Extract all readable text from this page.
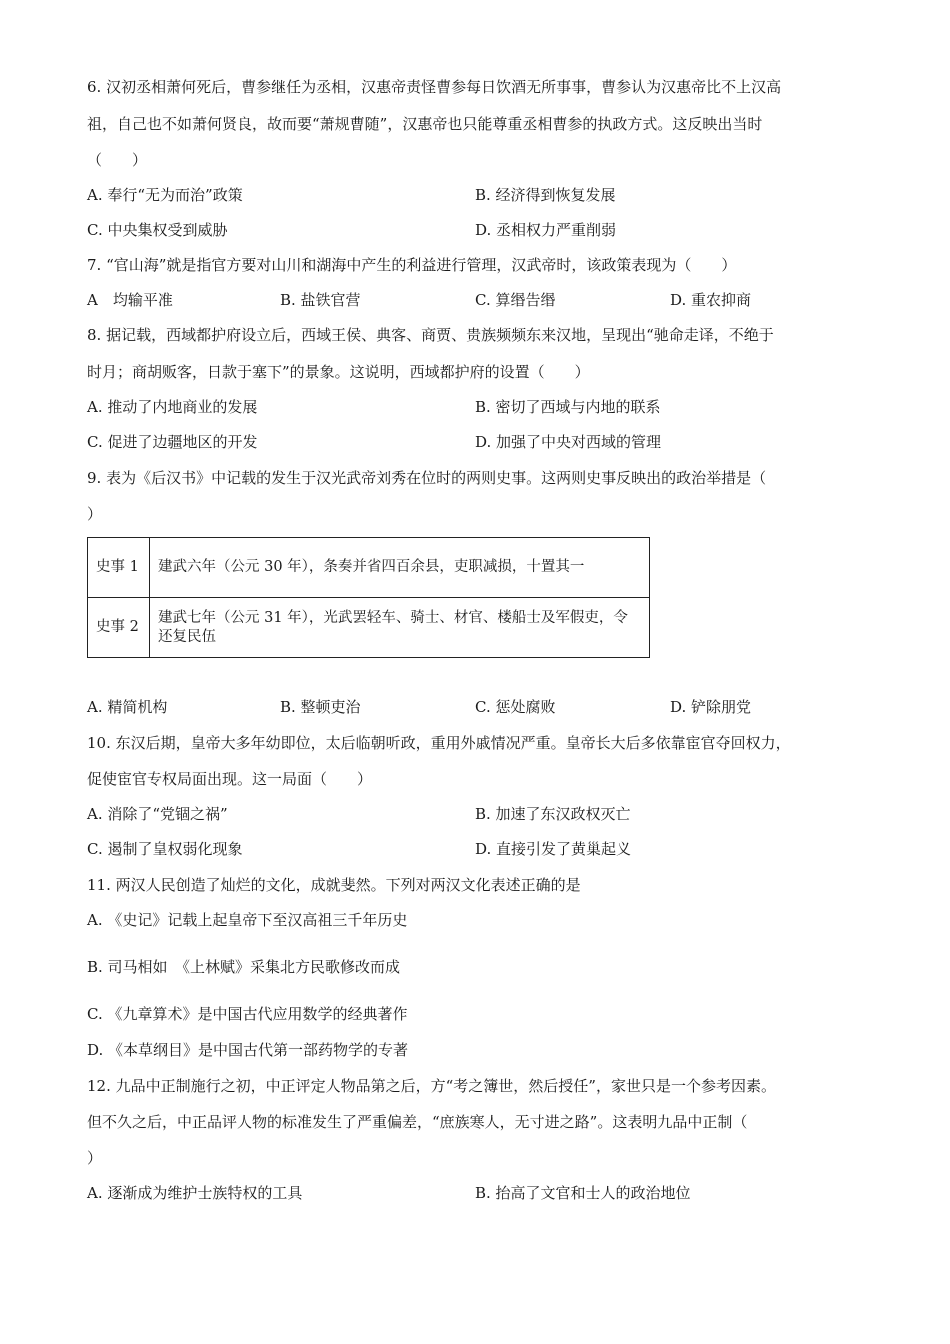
6. 汉初丞相萧何死后，曹参继任为丞相，汉惠帝责怪曹参每日饮酒无所事事，曹参认为汉惠帝比不上汉高
祖，自己也不如萧何贤良，故而要“萧规曹随”，汉惠帝也只能尊重丞相曹参的执政方式。这反映出当时
（　　）
A. 奉行“无为而治”政策	B. 经济得到恢复发展
C. 中央集权受到威胁	D. 丞相权力严重削弱
7. “官山海”就是指官方要对山川和湖海中产生的利益进行管理，汉武帝时，该政策表现为（　　）
A　均输平准	B. 盐铁官营	C. 算缗告缗	D. 重农抑商
8. 据记载，西域都护府设立后，西域王侯、典客、商贾、贵族频频东来汉地，呈现出“驰命走译，不绝于
时月；商胡贩客，日款于塞下”的景象。这说明，西域都护府的设置（　　）
A. 推动了内地商业的发展	B. 密切了西域与内地的联系
C. 促进了边疆地区的开发	D. 加强了中央对西域的管理
9. 表为《后汉书》中记载的发生于汉光武帝刘秀在位时的两则史事。这两则史事反映出的政治举措是（
）
史事 1	建武六年（公元 30 年），条奏并省四百余县，吏职减损，十置其一
史事 2	建武七年（公元 31 年），光武罢轻车、骑士、材官、楼船士及军假吏，令还复民伍
A. 精简机构	B. 整顿吏治	C. 惩处腐败	D. 铲除朋党
10. 东汉后期，皇帝大多年幼即位，太后临朝听政，重用外戚情况严重。皇帝长大后多依靠宦官夺回权力，
促使宦官专权局面出现。这一局面（　　）
A. 消除了“党锢之祸”	B. 加速了东汉政权灭亡
C. 遏制了皇权弱化现象	D. 直接引发了黄巢起义
11. 两汉人民创造了灿烂的文化，成就斐然。下列对两汉文化表述正确的是
A. 《史记》记载上起皇帝下至汉高祖三千年历史
B. 司马相如　《上林赋》采集北方民歌修改而成
C. 《九章算术》是中国古代应用数学的经典著作
D. 《本草纲目》是中国古代第一部药物学的专著
12. 九品中正制施行之初，中正评定人物品第之后，方“考之簿世，然后授任”，家世只是一个参考因素。
但不久之后，中正品评人物的标准发生了严重偏差，“庶族寒人，无寸进之路”。这表明九品中正制（
）
A. 逐渐成为维护士族特权的工具	B. 抬高了文官和士人的政治地位
